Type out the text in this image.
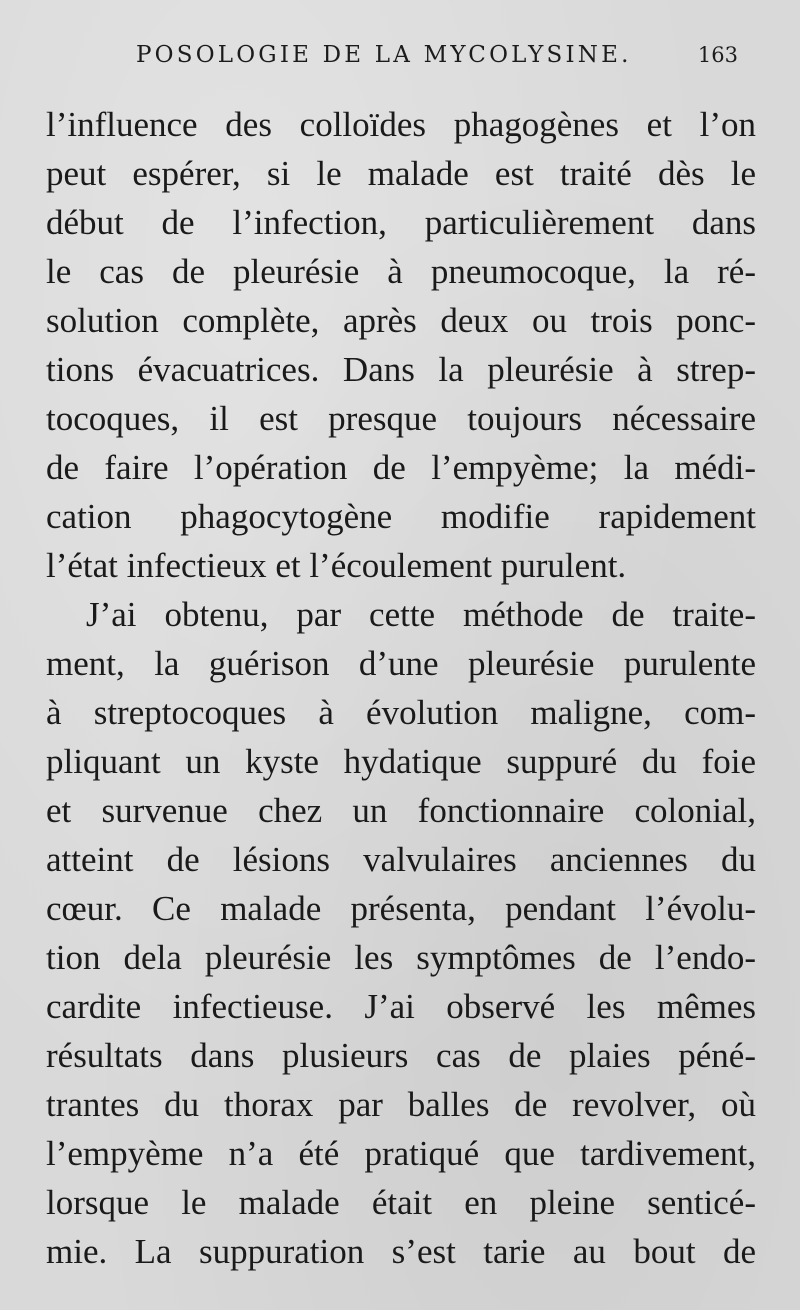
POSOLOGIE DE LA MYCOLYSINE.	163
l’influence des colloïdes phagogènes et l’on
peut espérer, si le malade est traité dès le
début de l’infection, particulièrement dans
le cas de pleurésie à pneumocoque, la ré-
solution complète, après deux ou trois ponc-
tions évacuatrices. Dans la pleurésie à strep-
tocoques, il est presque toujours nécessaire
de faire l’opération de l’empyème; la médi-
cation phagocytogène modifie rapidement
l’état infectieux et l’écoulement purulent.
J’ai obtenu, par cette méthode de traite-
ment, la guérison d’une pleurésie purulente
à streptocoques à évolution maligne, com-
pliquant un kyste hydatique suppuré du foie
et survenue chez un fonctionnaire colonial,
atteint de lésions valvulaires anciennes du
cœur. Ce malade présenta, pendant l’évolu-
tion dela pleurésie les symptômes de l’endo-
cardite infectieuse. J’ai observé les mêmes
résultats dans plusieurs cas de plaies péné-
trantes du thorax par balles de revolver, où
l’empyème n’a été pratiqué que tardivement,
lorsque le malade était en pleine senticé-
mie. La suppuration s’est tarie au bout de
